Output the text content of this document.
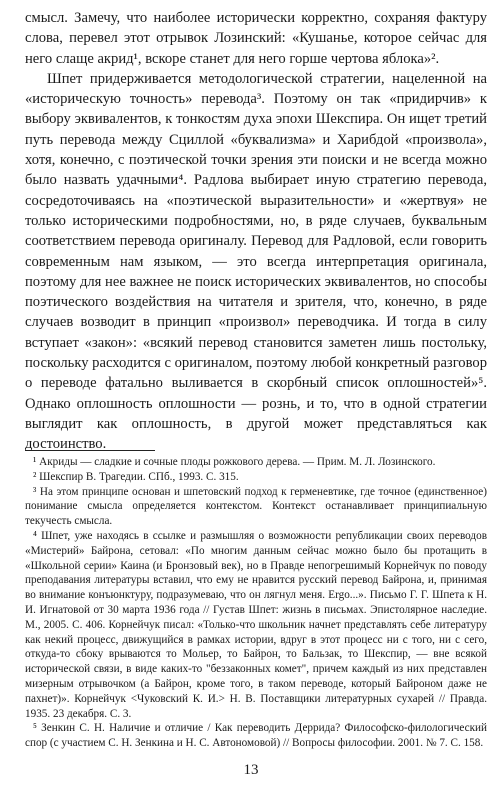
смысл. Замечу, что наиболее исторически корректно, сохраняя фактуру слова, перевел этот отрывок Лозинский: «Кушанье, которое сейчас для него слаще акрид¹, вскоре станет для него горше чертова яблока»².

Шпет придерживается методологической стратегии, нацеленной на «историческую точность» перевода³. Поэтому он так «придирчив» к выбору эквивалентов, к тонкостям духа эпохи Шекспира. Он ищет третий путь перевода между Сциллой «буквализма» и Харибдой «произвола», хотя, конечно, с поэтической точки зрения эти поиски и не всегда можно было назвать удачными⁴. Радлова выбирает иную стратегию перевода, сосредоточиваясь на «поэтической выразительности» и «жертвуя» не только историческими подробностями, но, в ряде случаев, буквальным соответствием перевода оригиналу. Перевод для Радловой, если говорить современным нам языком, — это всегда интерпретация оригинала, поэтому для нее важнее не поиск исторических эквивалентов, но способы поэтического воздействия на читателя и зрителя, что, конечно, в ряде случаев возводит в принцип «произвол» переводчика. И тогда в силу вступает «закон»: «всякий перевод становится заметен лишь постольку, поскольку расходится с оригиналом, поэтому любой конкретный разговор о переводе фатально выливается в скорбный список оплошностей»⁵. Однако оплошность оплошности — рознь, и то, что в одной стратегии выглядит как оплошность, в другой может представляться как достоинство.

¹ Акриды — сладкие и сочные плоды рожкового дерева. — Прим. М. Л. Лозинского.

² Шекспир В. Трагедии. СПб., 1993. С. 315.

³ На этом принципе основан и шпетовский подход к герменевтике, где точное (единственное) понимание смысла определяется контекстом. Контекст останавливает принципиальную текучесть смысла.

⁴ Шпет, уже находясь в ссылке и размышляя о возможности републикации своих переводов «Мистерий» Байрона, сетовал: «По многим данным сейчас можно было бы протащить в «Школьной серии» Каина (и Бронзовый век), но в Правде непогрешимый Корнейчук по поводу преподавания литературы вставил, что ему не нравится русский перевод Байрона, и, принимая во внимание конъюнктуру, подразумеваю, что он лягнул меня. Ergo...». Письмо Г. Г. Шпета к Н. И. Игнатовой от 30 марта 1936 года // Густав Шпет: жизнь в письмах. Эпистолярное наследие. М., 2005. С. 406. Корнейчук писал: «Только-что школьник начнет представлять себе литературу как некий процесс, движущийся в рамках истории, вдруг в этот процесс ни с того, ни с сего, откуда-то сбоку врываются то Мольер, то Байрон, то Бальзак, то Шекспир, — вне всякой исторической связи, в виде каких-то "беззаконных комет", причем каждый из них представлен мизерным отрывочком (а Байрон, кроме того, в таком переводе, который Байроном даже не пахнет)». Корнейчук <Чуковский К. И.> Н. В. Поставщики литературных сухарей // Правда. 1935. 23 декабря. С. 3.

⁵ Зенкин С. Н. Наличие и отличие / Как переводить Деррида? Философско-филологический спор (с участием С. Н. Зенкина и Н. С. Автономовой) // Вопросы философии. 2001. № 7. С. 158.

13
